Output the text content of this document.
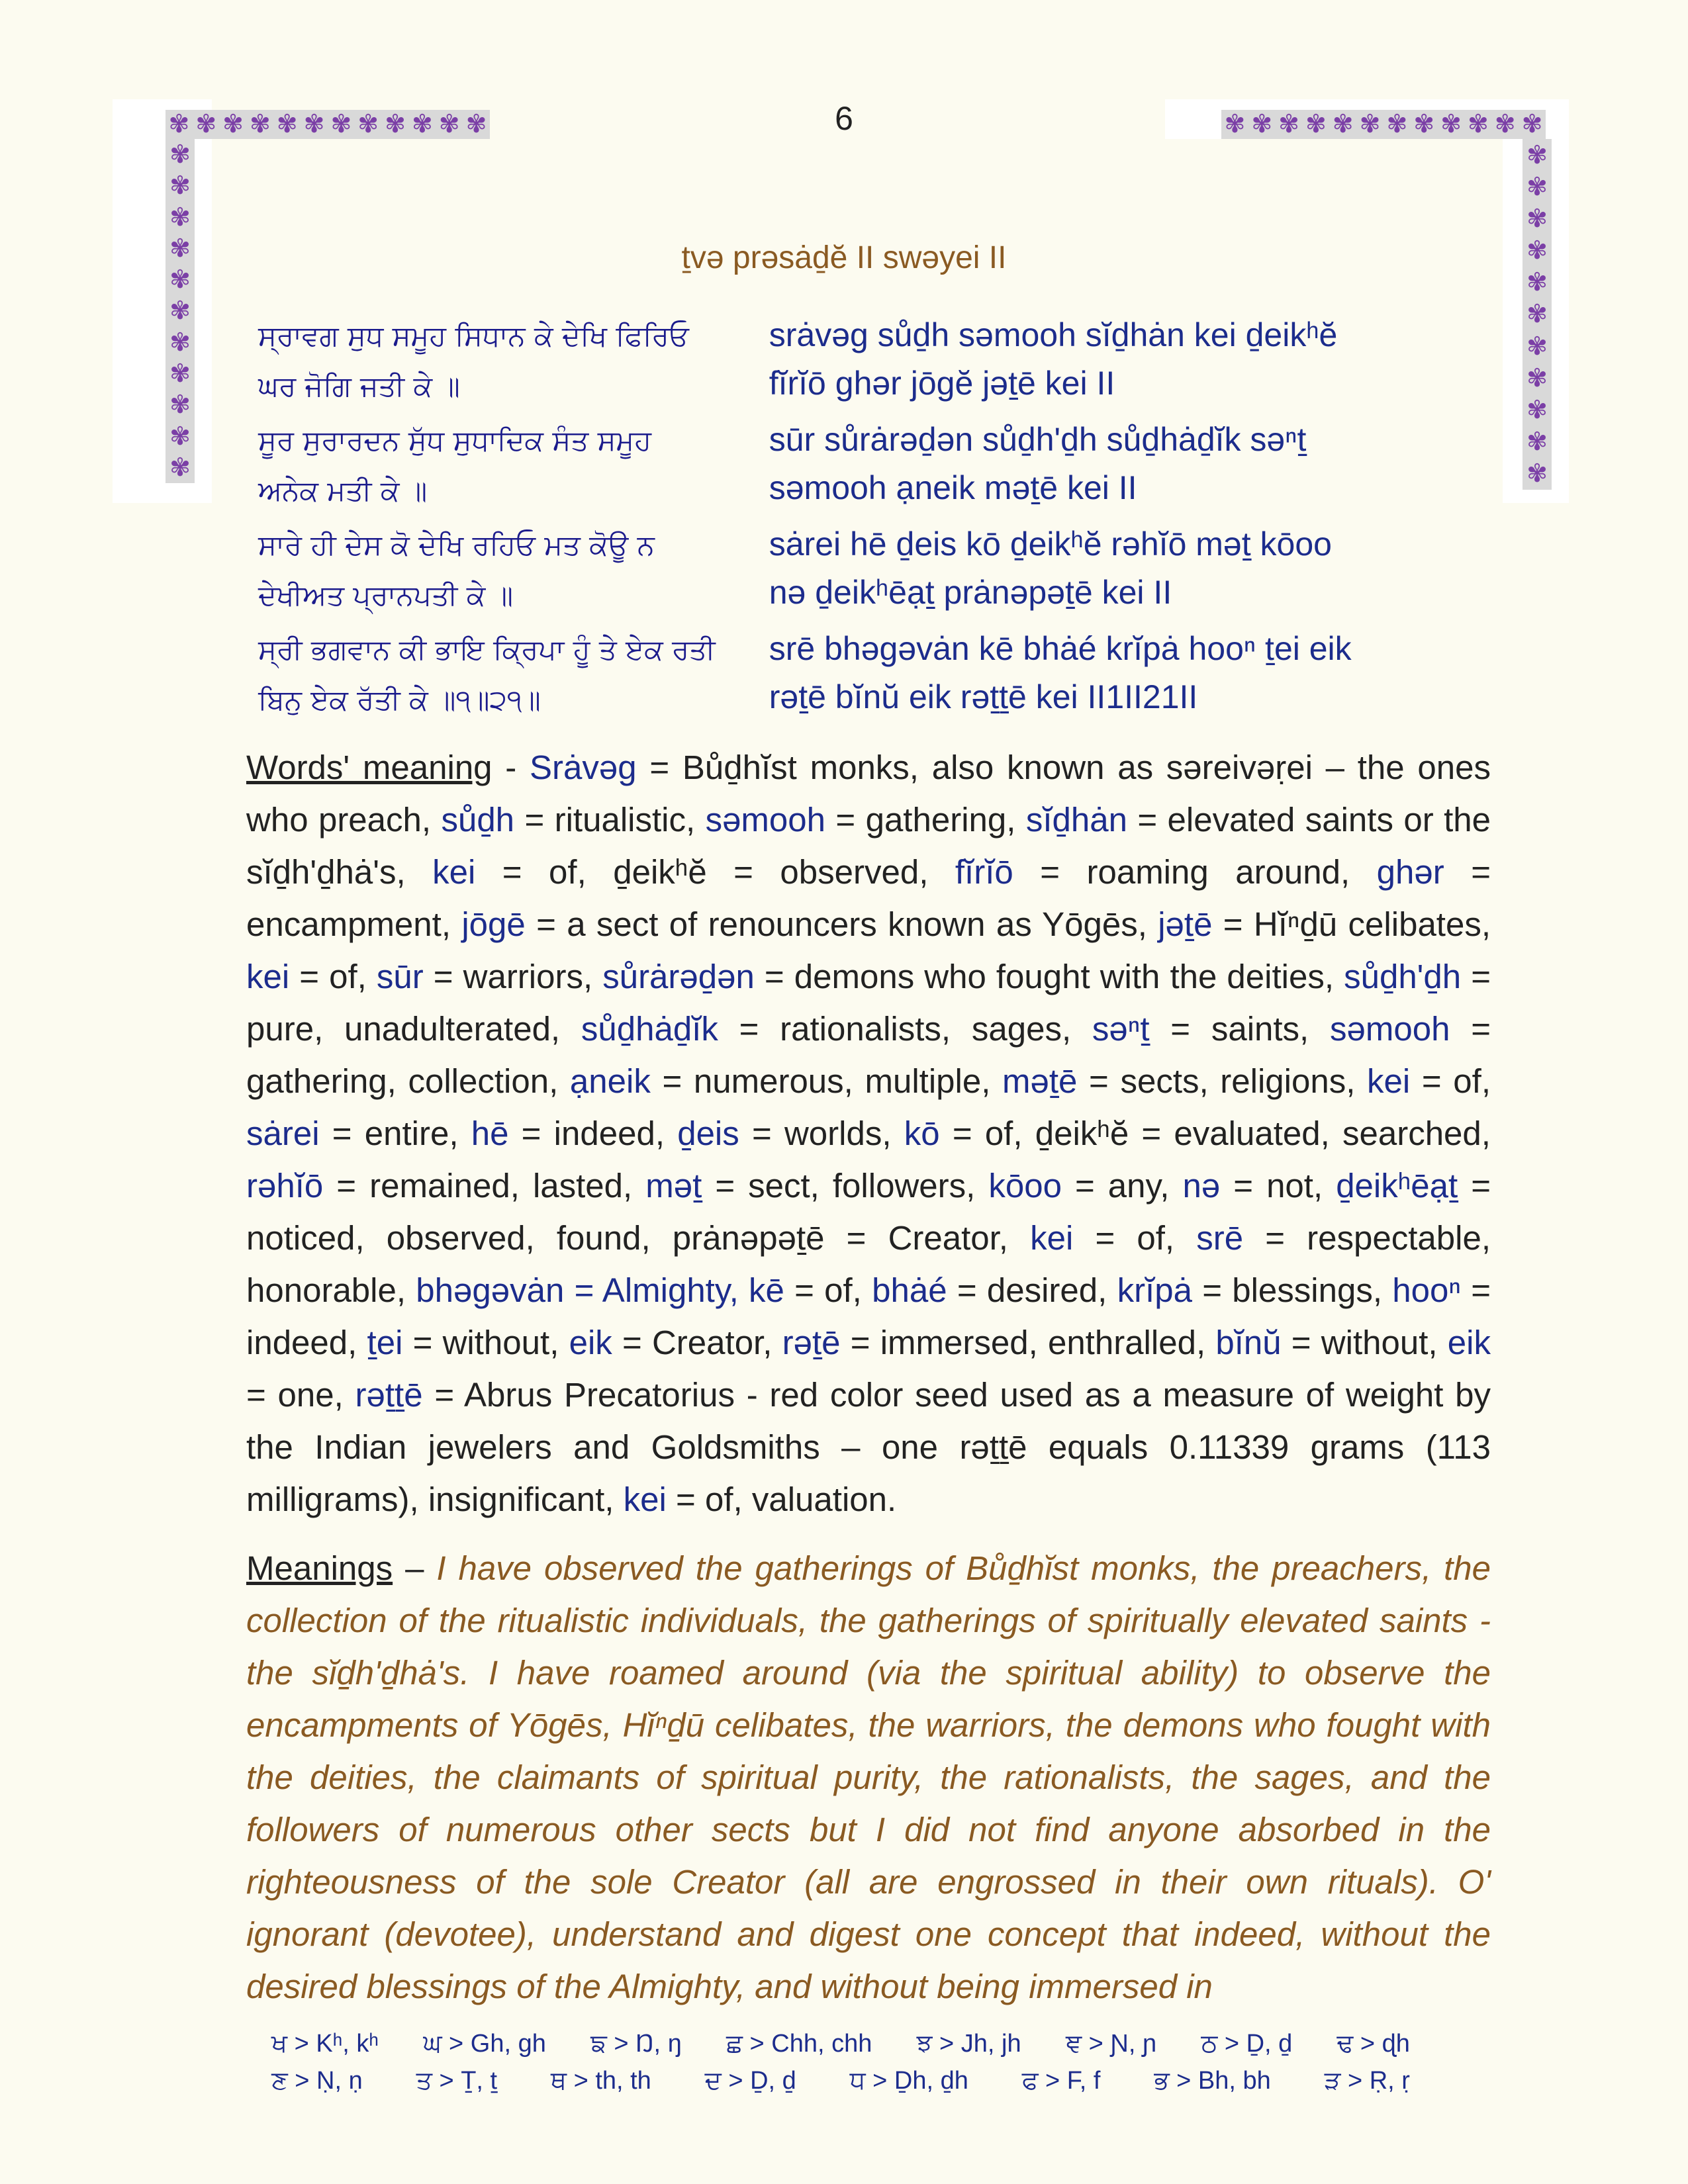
✾ ✾ ✾ ✾ ✾ ✾ ✾ ✾ ✾ ✾ ✾ ✾
✾
✾
✾
✾
✾
✾
✾
✾
✾
✾
✾
✾ ✾ ✾ ✾ ✾ ✾ ✾ ✾ ✾ ✾ ✾ ✾
✾
✾
✾
✾
✾
✾
✾
✾
✾
✾
✾
6
ṯvə prəsȧḏĕ II swəyei II
ਸ੍ਰਾਵਗ ਸੁਧ ਸਮੂਹ ਸਿਧਾਨ ਕੇ ਦੇਖਿ ਫਿਰਿਓ
ਘਰ ਜੋਗਿ ਜਤੀ ਕੇ ॥
srȧvəg sůḏh səmooh sĭḏhȧn kei ḏeikʰĕ
fĭrĭō ghər jōgĕ jəṯē kei II
ਸੂਰ ਸੁਰਾਰਦਨ ਸੁੱਧ ਸੁਧਾਦਿਕ ਸੰਤ ਸਮੂਹ
ਅਨੇਕ ਮਤੀ ਕੇ ॥
sūr sůrȧrəḏən sůḏh'ḏh sůḏhȧḏĭk səⁿṯ
səmooh ạneik məṯē kei II
ਸਾਰੇ ਹੀ ਦੇਸ ਕੋ ਦੇਖਿ ਰਹਿਓ ਮਤ ਕੋਊ ਨ
ਦੇਖੀਅਤ ਪ੍ਰਾਨਪਤੀ ਕੇ ॥
sȧrei hē ḏeis kō ḏeikʰĕ rəhĭō məṯ kōoo
nə ḏeikʰēạṯ prȧnəpəṯē kei II
ਸ੍ਰੀ ਭਗਵਾਨ ਕੀ ਭਾਇ ਕ੍ਰਿਪਾ ਹੂੰ ਤੇ ਏਕ ਰਤੀ
ਬਿਨੁ ਏਕ ਰੱਤੀ ਕੇ ॥੧॥੨੧॥
srē bhəgəvȧn kē bhȧé krĭpȧ hooⁿ ṯei eik
rəṯē bĭnŭ eik rəṯṯē kei II1II21II
Words' meaning - Srȧvəg = Bůḏhĭst monks, also known as səreivəṛei – the ones who preach, sůḏh = ritualistic, səmooh = gathering, sĭḏhȧn = elevated saints or the sĭḏh'ḏhȧ's, kei = of, ḏeikʰĕ = observed, fĭrĭō = roaming around, ghər = encampment, jōgē = a sect of renouncers known as Yōgēs, jəṯē = Hĭⁿḏū celibates, kei = of, sūr = warriors, sůrȧrəḏən = demons who fought with the deities, sůḏh'ḏh = pure, unadulterated, sůḏhȧḏĭk = rationalists, sages, səⁿṯ = saints, səmooh = gathering, collection, ạneik = numerous, multiple, məṯē = sects, religions, kei = of, sȧrei = entire, hē = indeed, ḏeis = worlds, kō = of, ḏeikʰĕ = evaluated, searched, rəhĭō = remained, lasted, məṯ = sect, followers, kōoo = any, nə = not, ḏeikʰēạṯ = noticed, observed, found, prȧnəpəṯē = Creator, kei = of, srē = respectable, honorable, bhəgəvȧn = Almighty, kē = of, bhȧé = desired, krĭpȧ = blessings, hooⁿ = indeed, ṯei = without, eik = Creator, rəṯē = immersed, enthralled, bĭnŭ = without, eik = one, rəṯṯē = Abrus Precatorius - red color seed used as a measure of weight by the Indian jewelers and Goldsmiths – one rəṯṯē equals 0.11339 grams (113 milligrams), insignificant, kei = of, valuation.
Meanings – I have observed the gatherings of Bůḏhĭst monks, the preachers, the collection of the ritualistic individuals, the gatherings of spiritually elevated saints - the sĭḏh'ḏhȧ's. I have roamed around (via the spiritual ability) to observe the encampments of Yōgēs, Hĭⁿḏū celibates, the warriors, the demons who fought with the deities, the claimants of spiritual purity, the rationalists, the sages, and the followers of numerous other sects but I did not find anyone absorbed in the righteousness of the sole Creator (all are engrossed in their own rituals). O' ignorant (devotee), understand and digest one concept that indeed, without the desired blessings of the Almighty, and without being immersed in
ਖ > Kʰ, kʰ ਘ > Gh, gh ਙ > Ŋ, ŋ ਛ > Chh, chh ਝ > Jh, jh ਞ > Ɲ, ɲ ਠ > Ḏ, ḏ ਢ > ɖh
ਣ > Ṇ, ṇ ਤ > Ṯ, ṯ ਥ > th, th ਦ > Ḏ, ḏ ਧ > Ḏh, ḏh ਫ > F, f ਭ > Bh, bh ੜ > Ṛ, ṛ
